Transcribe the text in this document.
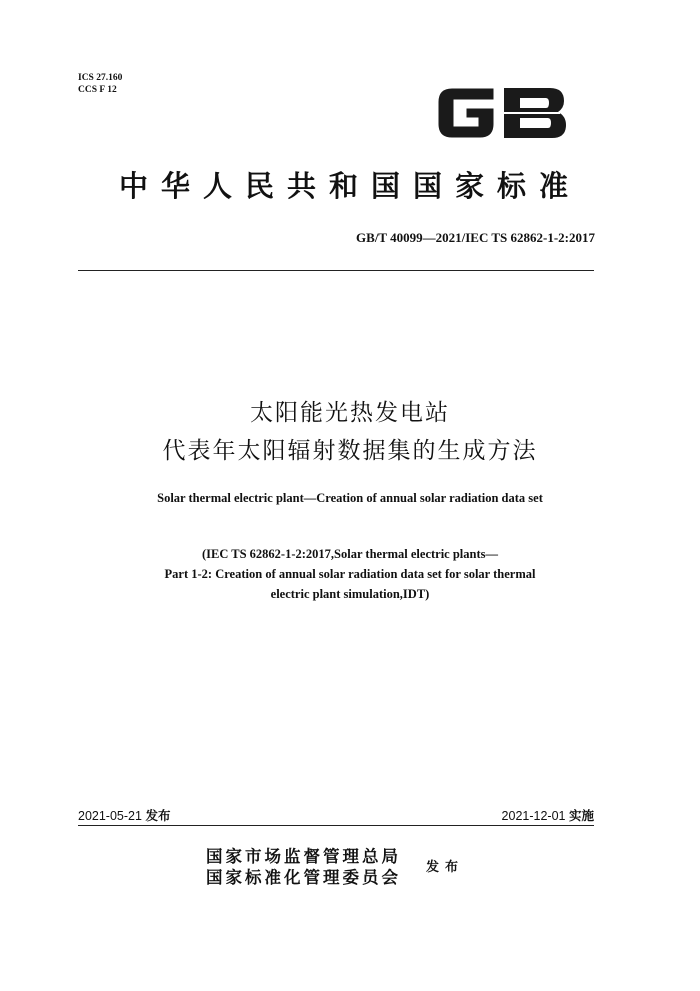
ICS 27.160
CCS F 12
中华人民共和国国家标准
GB/T 40099—2021/IEC TS 62862-1-2:2017
太阳能光热发电站
代表年太阳辐射数据集的生成方法
Solar thermal electric plant—Creation of annual solar radiation data set
(IEC TS 62862-1-2:2017,Solar thermal electric plants—
Part 1-2: Creation of annual solar radiation data set for solar thermal
electric plant simulation,IDT)
2021-05-21 发布	2021-12-01 实施
国家市场监督管理总局
国家标准化管理委员会
发布
